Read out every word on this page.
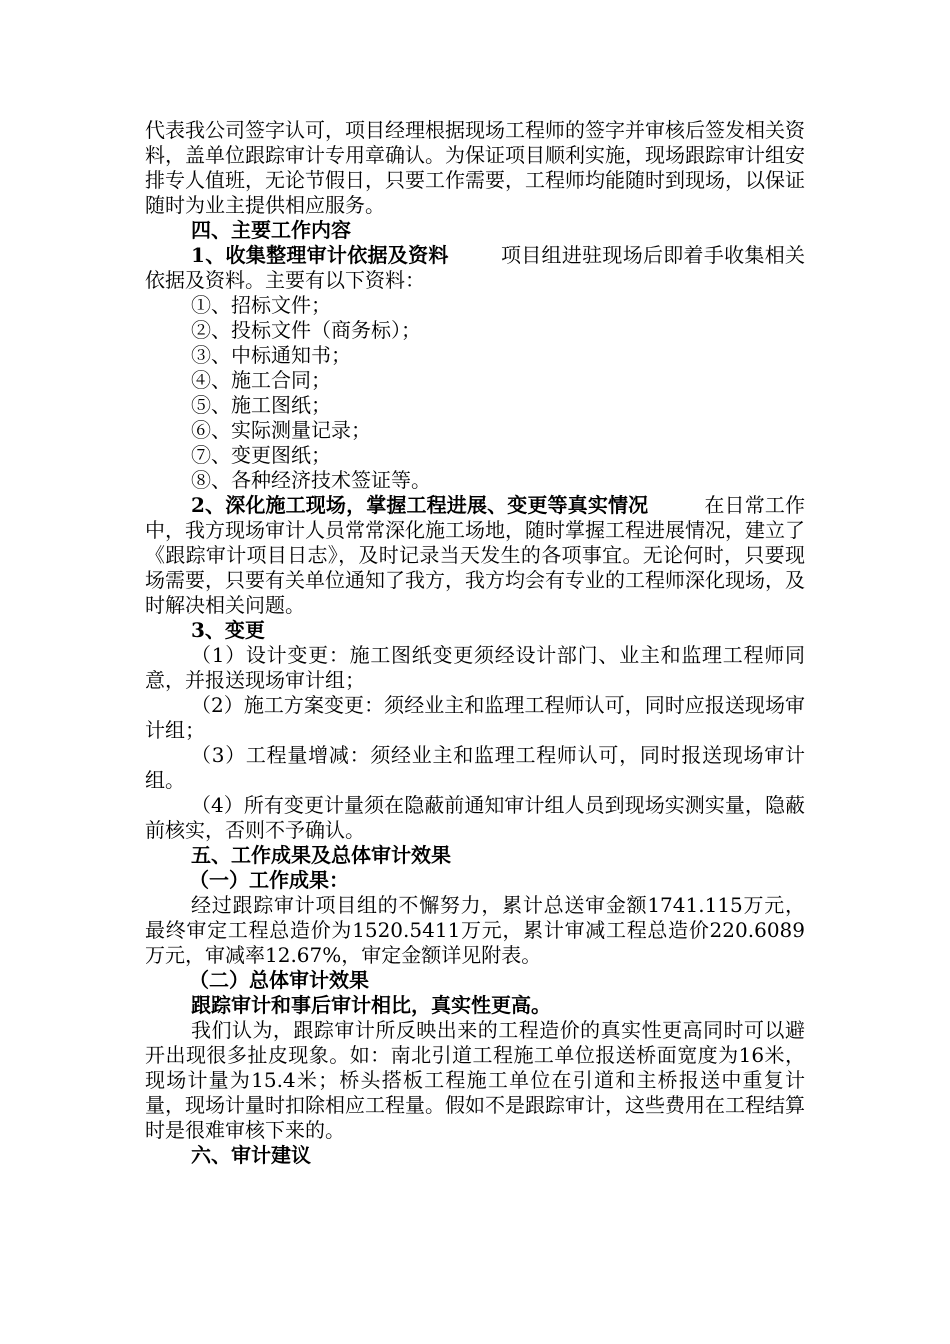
代表我公司签字认可，项目经理根据现场工程师的签字并审核后签发相关资料，盖单位跟踪审计专用章确认。为保证项目顺利实施，现场跟踪审计组安排专人值班，无论节假日，只要工作需要，工程师均能随时到现场，以保证随时为业主提供相应服务。

四、主要工作内容

1、收集整理审计依据及资料	项目组进驻现场后即着手收集相关依据及资料。主要有以下资料：

①、招标文件；

②、投标文件（商务标）；

③、中标通知书；

④、施工合同；

⑤、施工图纸；

⑥、实际测量记录；

⑦、变更图纸；

⑧、各种经济技术签证等。

2、深化施工现场，掌握工程进展、变更等真实情况	在日常工作中，我方现场审计人员常常深化施工场地，随时掌握工程进展情况，建立了《跟踪审计项目日志》，及时记录当天发生的各项事宜。无论何时，只要现场需要，只要有关单位通知了我方，我方均会有专业的工程师深化现场，及时解决相关问题。

3、变更

（1）设计变更：施工图纸变更须经设计部门、业主和监理工程师同意，并报送现场审计组；

（2）施工方案变更：须经业主和监理工程师认可，同时应报送现场审计组；

（3）工程量增减：须经业主和监理工程师认可，同时报送现场审计组。

（4）所有变更计量须在隐蔽前通知审计组人员到现场实测实量，隐蔽前核实，否则不予确认。

五、工作成果及总体审计效果

（一）工作成果：

经过跟踪审计项目组的不懈努力，累计总送审金额1741.115万元，最终审定工程总造价为1520.5411万元，累计审减工程总造价220.6089万元，审减率12.67%，审定金额详见附表。

（二）总体审计效果

跟踪审计和事后审计相比，真实性更高。

我们认为，跟踪审计所反映出来的工程造价的真实性更高同时可以避开出现很多扯皮现象。如：南北引道工程施工单位报送桥面宽度为16米，现场计量为15.4米；桥头搭板工程施工单位在引道和主桥报送中重复计量，现场计量时扣除相应工程量。假如不是跟踪审计，这些费用在工程结算时是很难审核下来的。

六、审计建议
